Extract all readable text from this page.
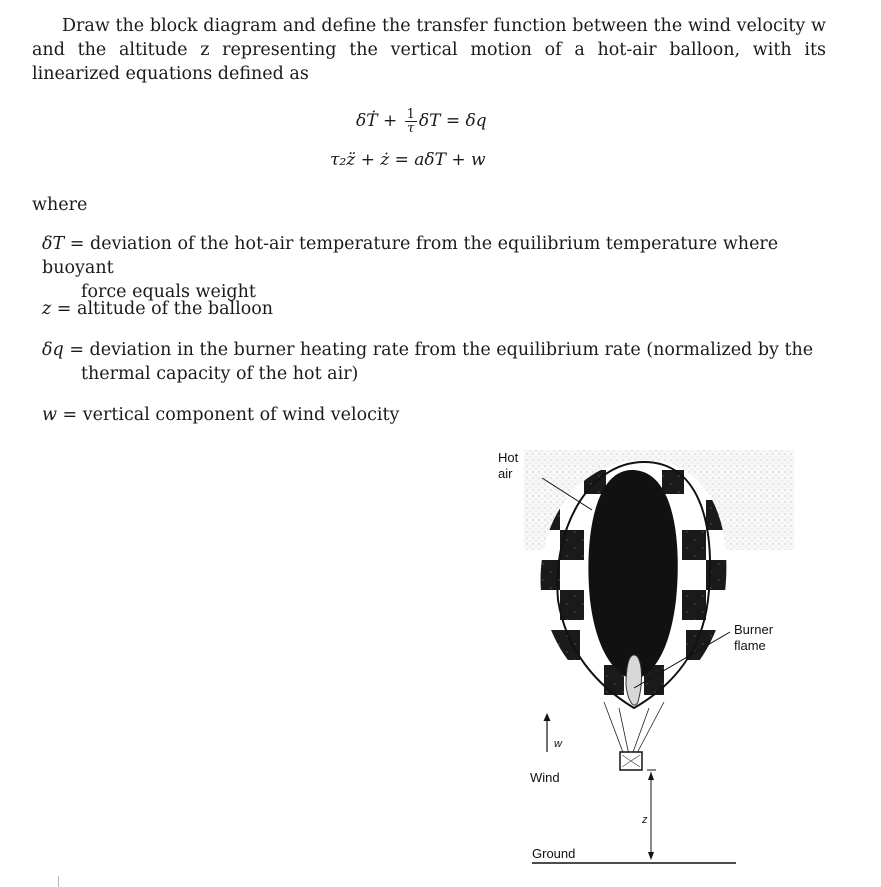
Draw the block diagram and define the transfer function between the wind velocity w and the altitude z representing the vertical motion of a hot-air balloon, with its linearized equations defined as
δṪ + $\frac{1}{\tau}$ δT = δq
τ₂z̈ + ż = aδT + w
where
δT = deviation of the hot-air temperature from the equilibrium temperature where buoyant
force equals weight
z = altitude of the balloon
δq = deviation in the burner heating rate from the equilibrium rate (normalized by the
thermal capacity of the hot air)
w = vertical component of wind velocity
Hot
air
Burner
flame
w
Wind
z
Ground
